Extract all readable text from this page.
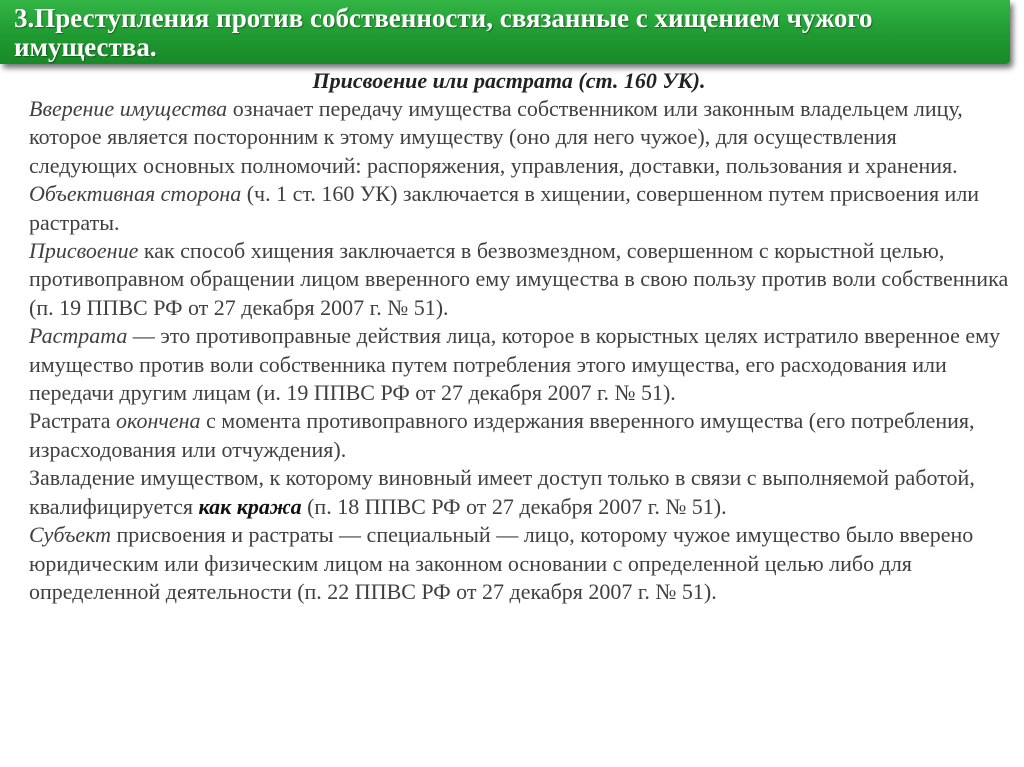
3.Преступления против собственности, связанные с хищением чужого имущества.

Присвоение или растрата (ст. 160 УК).

Вверение имущества означает передачу имущества собственником или законным владельцем лицу, которое является посторонним к этому имуществу (оно для него чужое), для осуществления следующих основных полномочий: распоряжения, управления, доставки, пользования и хранения.

Объективная сторона (ч. 1 ст. 160 УК) заключается в хищении, совершенном путем присвоения или растраты.

Присвоение как способ хищения заключается в безвозмездном, совершенном с корыстной целью, противоправном обращении лицом вверенного ему имущества в свою пользу против воли собственника (п. 19 ППВС РФ от 27 декабря 2007 г. № 51).

Растрата — это противоправные действия лица, которое в корыстных целях истратило вверенное ему имущество против воли собственника путем потребления этого имущества, его расходования или передачи другим лицам (и. 19 ППВС РФ от 27 декабря 2007 г. № 51).

Растрата окончена с момента противоправного издержания вверенного имущества (его потребления, израсходования или отчуждения).

Завладение имуществом, к которому виновный имеет доступ только в связи с выполняемой работой, квалифицируется как кража (п. 18 ППВС РФ от 27 декабря 2007 г. № 51).

Субъект присвоения и растраты — специальный — лицо, которому чужое имущество было вверено юридическим или физическим лицом на законном основании с определенной целью либо для определенной деятельности (п. 22 ППВС РФ от 27 декабря 2007 г. № 51).
